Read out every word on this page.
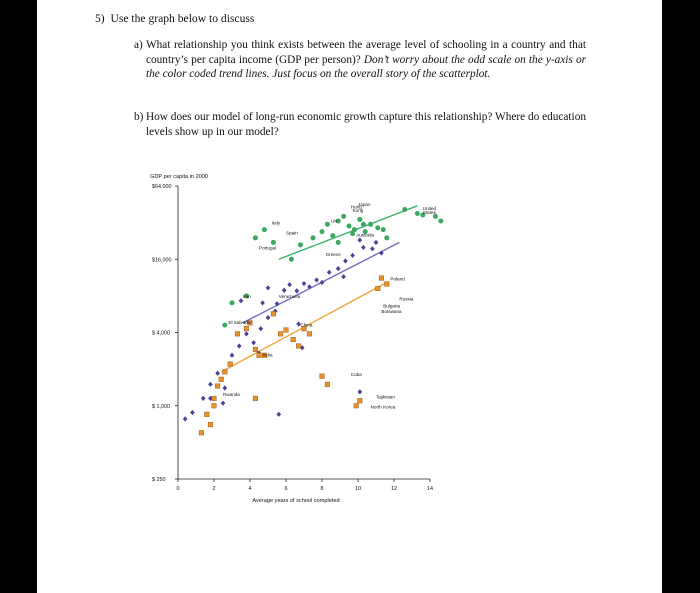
5) Use the graph below to discuss
a) What relationship you think exists between the average level of schooling in a country and that country’s per capita income (GDP per person)? Don’t worry about the odd scale on the y-axis or the color coded trend lines. Just focus on the overall story of the scatterplot.
b) How does our model of long-run economic growth capture this relationship? Where do education levels show up in our model?
GDP per capita in 2000
Average years of school completed
$ 250
$ 1,000
$ 4,000
$16,000
$64,000
0	2	4	6	8	10	12	14
Japan
Hong
Kong	United
States
Italy
Spain
UK
Australia
Portugal
Greece
Poland
Iran	Venezuela
Russia
Bulgaria
Botswana
El Salvador	China
India
Cuba
Rwanda	Tajikistan
North Korea
